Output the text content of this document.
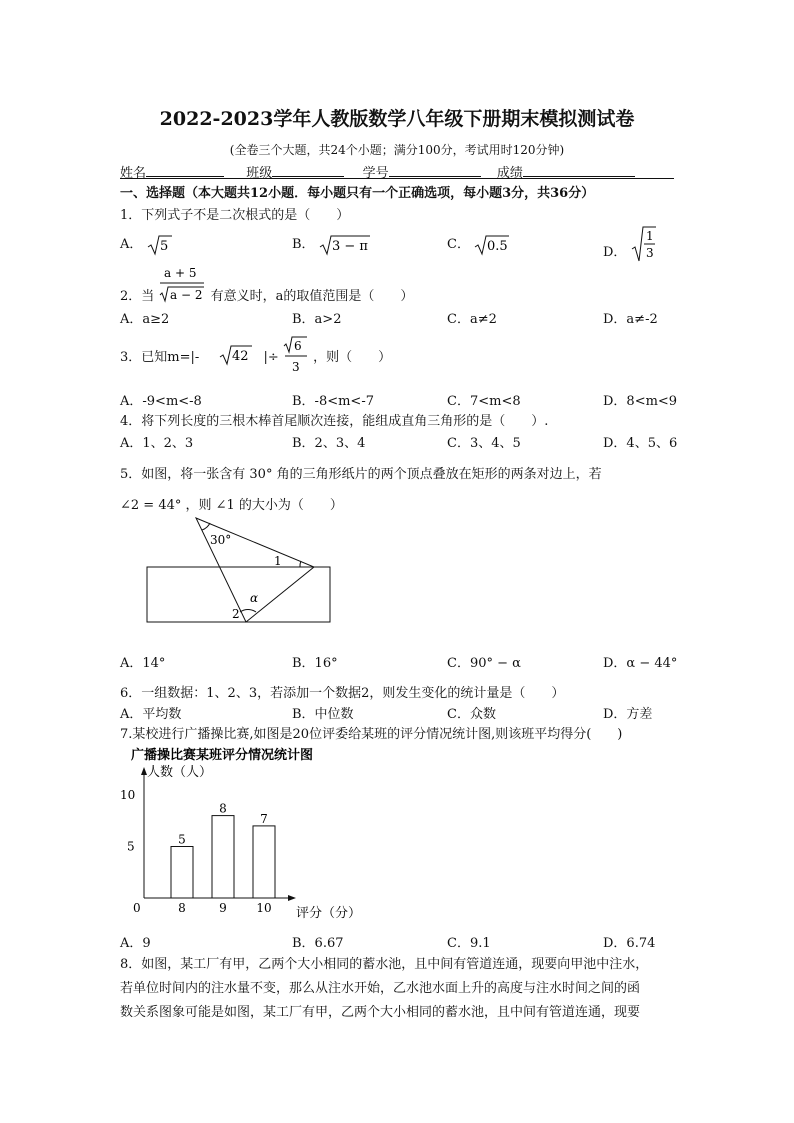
2022-2023学年人教版数学八年级下册期末模拟测试卷
(全卷三个大题，共24个小题；满分100分，考试用时120分钟)
姓名	班级	学号	成绩
一、选择题（本大题共12小题．每小题只有一个正确选项，每小题3分，共36分）
1．下列式子不是二次根式的是（　　）
A． 5	B． 3 − π	C． 0.5	D．
1
3
2．当
a + 5
a − 2 有意义时，a的取值范围是（　　）
A．a≥2	B．a>2	C．a≠2	D．a≠-2
3．已知m=|-	42 |÷
6
3
，则（　　）
A．-9<m<-8	B．-8<m<-7	C．7<m<8	D．8<m<9
4．将下列长度的三根木棒首尾顺次连接，能组成直角三角形的是（　　）.
A．1、2、3	B．2、3、4	C．3、4、5	D．4、5、6
5．如图，将一张含有 30° 角的三角形纸片的两个顶点叠放在矩形的两条对边上，若
∠2 = 44° ，则 ∠1 的大小为（　　）
30°
1
2
α
A．14°	B．16°	C．90° − α	D．α − 44°
6．一组数据：1、2、3，若添加一个数据2，则发生变化的统计量是（　　）
A．平均数	B．中位数	C．众数	D．方差
7.某校进行广播操比赛,如图是20位评委给某班的评分情况统计图,则该班平均得分(　　)
广播操比赛某班评分情况统计图
人数（人）
评分（分）
0
5
8
8
9
7
10
10
5
A．9	B．6.67	C．9.1	D．6.74
8．如图，某工厂有甲，乙两个大小相同的蓄水池，且中间有管道连通，现要向甲池中注水，
若单位时间内的注水量不变，那么从注水开始，乙水池水面上升的高度与注水时间之间的函
数关系图象可能是如图，某工厂有甲，乙两个大小相同的蓄水池，且中间有管道连通，现要
